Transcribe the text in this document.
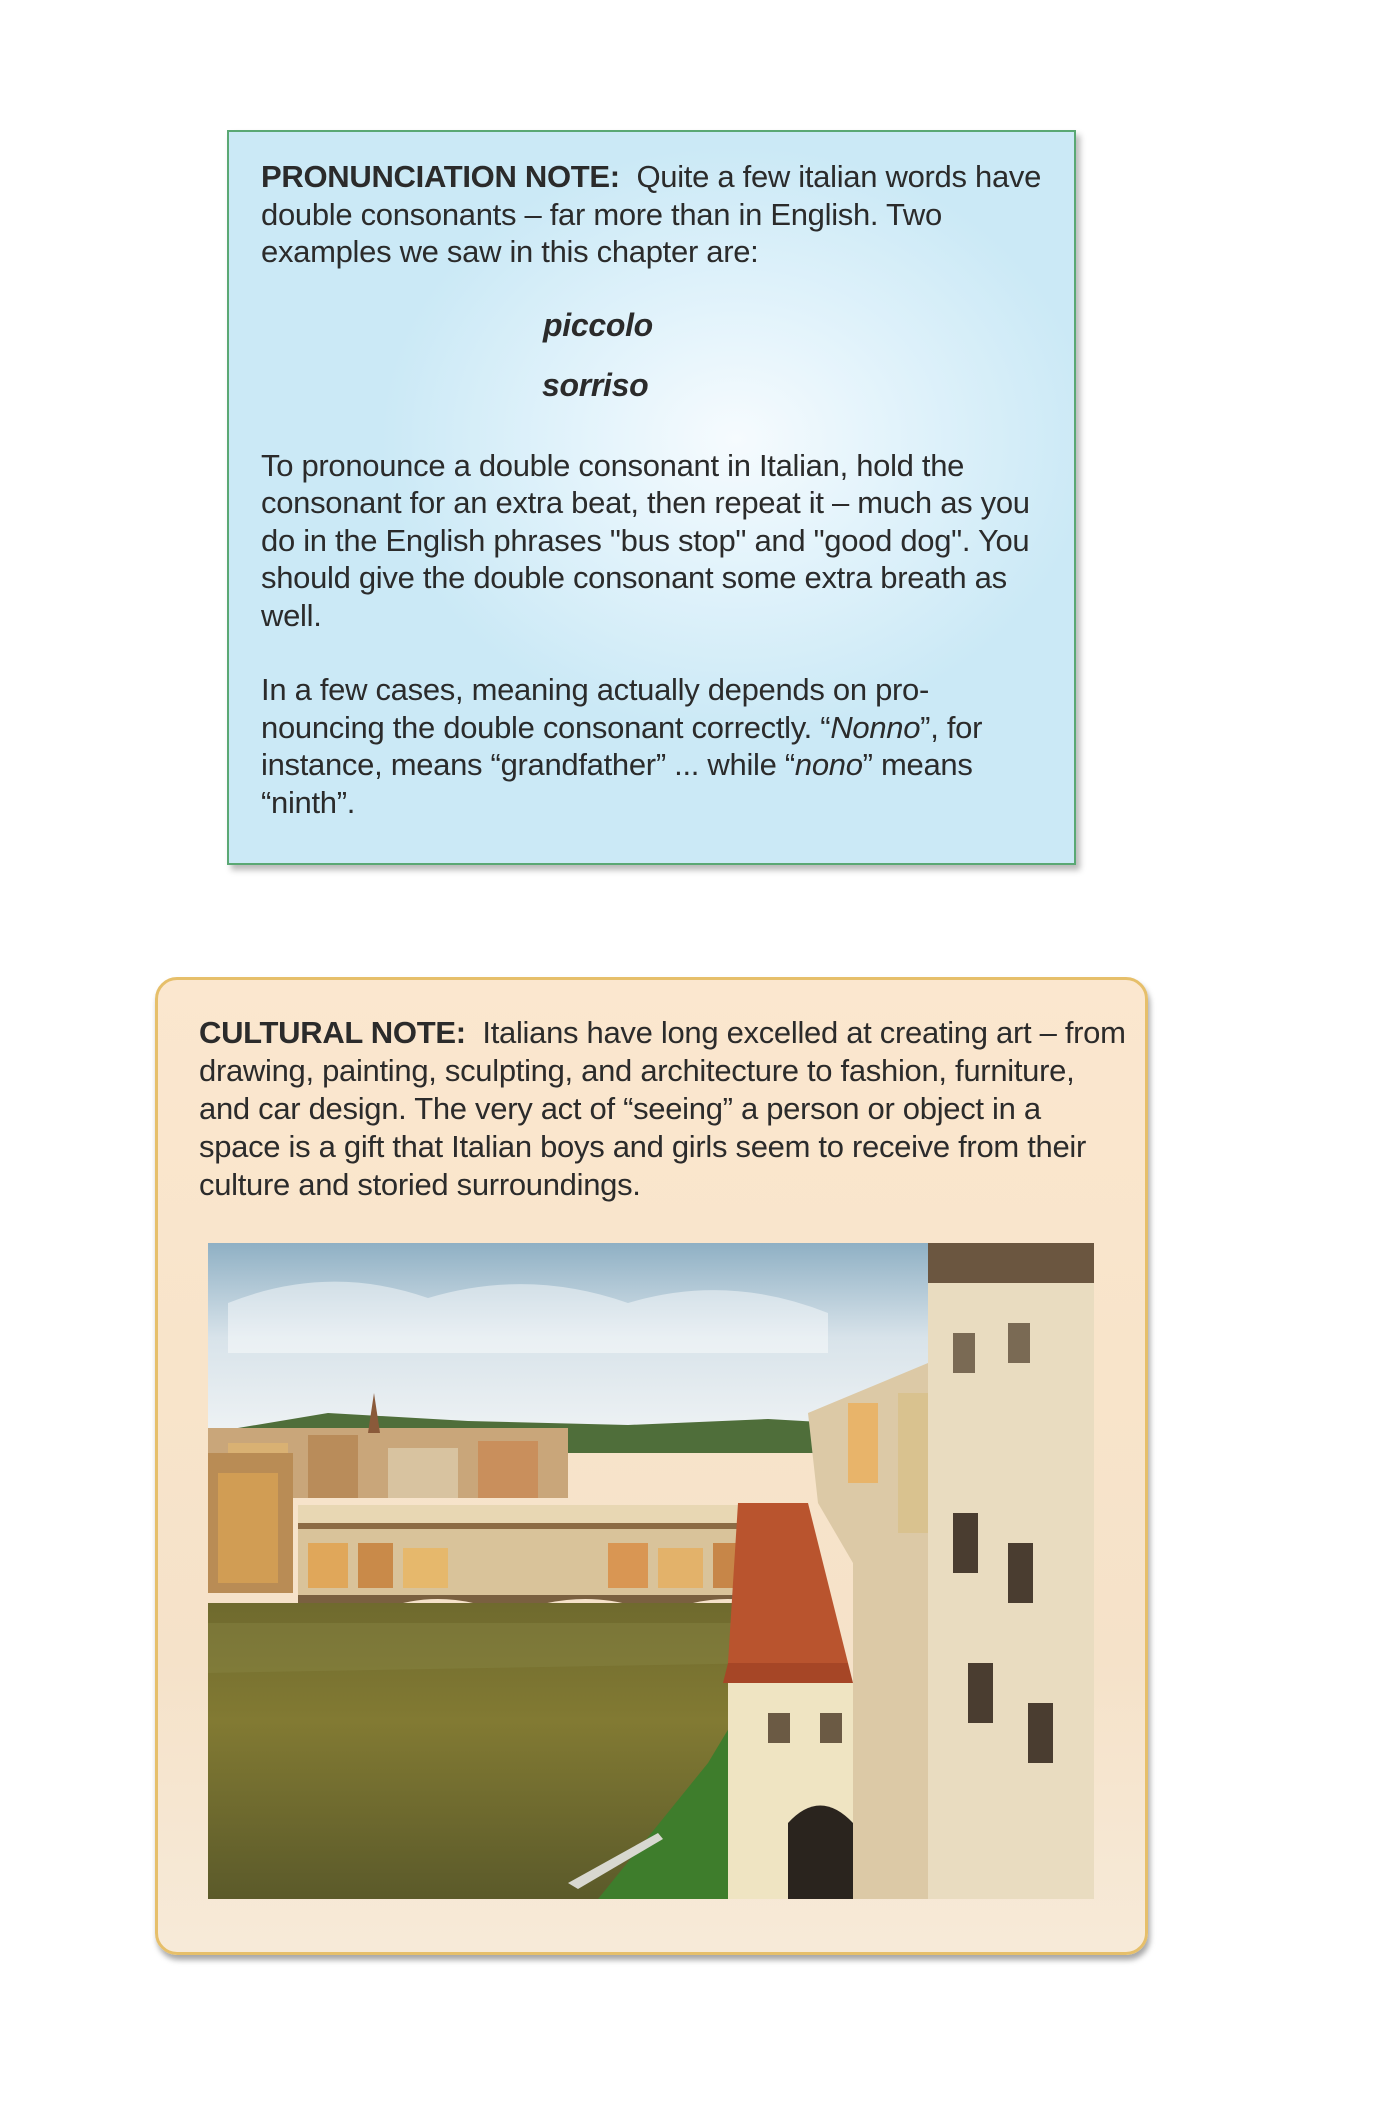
PRONUNCIATION NOTE: Quite a few italian words have double consonants – far more than in English. Two examples we saw in this chapter are:

piccolo
sorriso

To pronounce a double consonant in Italian, hold the consonant for an extra beat, then repeat it – much as you do in the English phrases "bus stop" and "good dog". You should give the double consonant some extra breath as well.

In a few cases, meaning actually depends on pro-nouncing the double consonant correctly. “Nonno”, for instance, means “grandfather” ... while “nono” means “ninth”.

CULTURAL NOTE: Italians have long excelled at creating art – from drawing, painting, sculpting, and architecture to fashion, furniture, and car design. The very act of “seeing” a person or object in a space is a gift that Italian boys and girls seem to receive from their culture and storied surroundings.
